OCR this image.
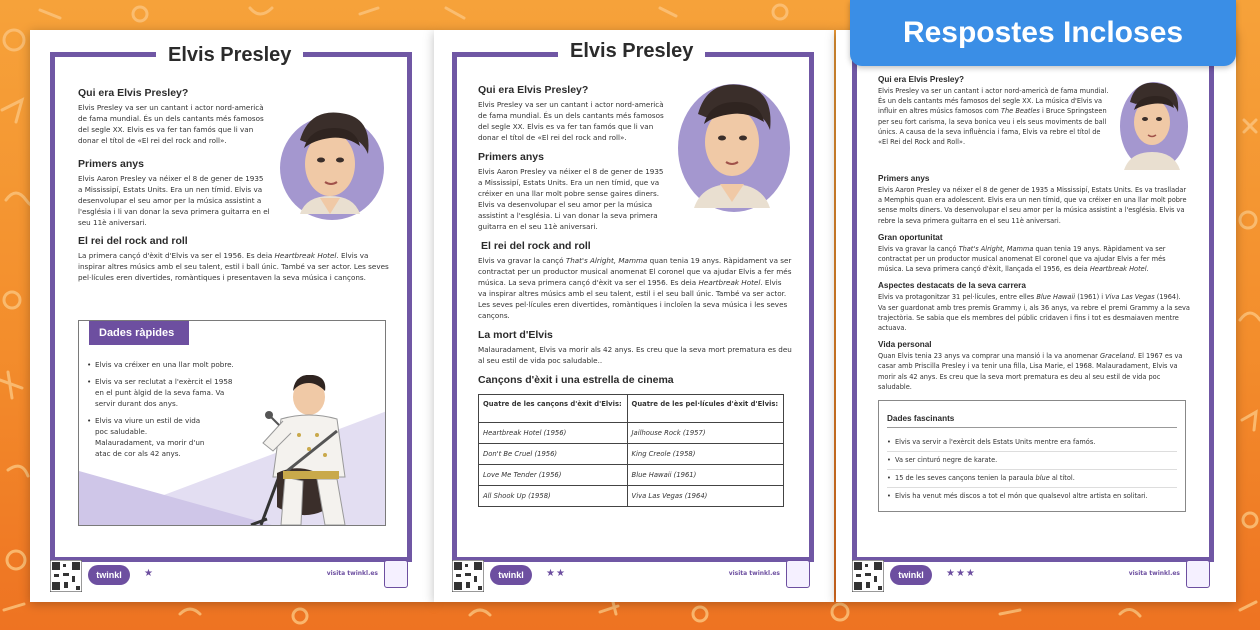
Elvis Presley
Qui era Elvis Presley?
Elvis Presley va ser un cantant i actor nord-americà de fama mundial. És un dels cantants més famosos del segle XX. Elvis es va fer tan famós que li van donar el títol de «El rei del rock and roll».
Primers anys
Elvis Aaron Presley va néixer el 8 de gener de 1935 a Mississipí, Estats Units. Era un nen tímid. Elvis va desenvolupar el seu amor per la música assistint a l'església i li van donar la seva primera guitarra en el seu 11è aniversari.
El rei del rock and roll
La primera cançó d'èxit d'Elvis va ser el 1956. Es deia Heartbreak Hotel. Elvis va inspirar altres músics amb el seu talent, estil i ball únic. També va ser actor. Les seves pel·lícules eren divertides, romàntiques i presentaven la seva música i cançons.
Dades ràpides
• Elvis va créixer en una llar molt pobre.
• Elvis va ser reclutat a l'exèrcit el 1958 en el punt àlgid de la seva fama. Va servir durant dos anys.
• Elvis va viure un estil de vida poc saludable. Malauradament, va morir d'un atac de cor als 42 anys.
twinkl	★	visita twinkl.es
Elvis Presley
Qui era Elvis Presley?
Elvis Presley va ser un cantant i actor nord-americà de fama mundial. És un dels cantants més famosos del segle XX. Elvis es va fer tan famós que li van donar el títol de «El rei del rock and roll».
Primers anys
Elvis Aaron Presley va néixer el 8 de gener de 1935 a Mississipí, Estats Units. Era un nen tímid, que va créixer en una llar molt pobre sense gaires diners. Elvis va desenvolupar el seu amor per la música assistint a l'església. Li van donar la seva primera guitarra en el seu 11è aniversari.
El rei del rock and roll
Elvis va gravar la cançó That's Alright, Mamma quan tenia 19 anys. Ràpidament va ser contractat per un productor musical anomenat El coronel que va ajudar Elvis a fer més música. La seva primera cançó d'èxit va ser el 1956. Es deia Heartbreak Hotel. Elvis va inspirar altres músics amb el seu talent, estil i el seu ball únic. També va ser actor. Les seves pel·lícules eren divertides, romàntiques i incloïen la seva música i les seves cançons.
La mort d'Elvis
Malauradament, Elvis va morir als 42 anys. Es creu que la seva mort prematura es deu al seu estil de vida poc saludable..
Cançons d'èxit i una estrella de cinema
Quatre de les cançons d'èxit d'Elvis:	Quatre de les pel·lícules d'èxit d'Elvis:
Heartbreak Hotel (1956)	Jailhouse Rock (1957)
Don't Be Cruel (1956)	King Creole (1958)
Love Me Tender (1956)	Blue Hawaii (1961)
All Shook Up (1958)	Viva Las Vegas (1964)
twinkl	★★	visita twinkl.es
Qui era Elvis Presley?
Elvis Presley va ser un cantant i actor nord-americà de fama mundial. És un dels cantants més famosos del segle XX. La música d'Elvis va influir en altres músics famosos com The Beatles i Bruce Springsteen per seu fort carisma, la seva bonica veu i els seus moviments de ball únics. A causa de la seva influència i fama, Elvis va rebre el títol de «El Rei del Rock and Roll».
Primers anys
Elvis Aaron Presley va néixer el 8 de gener de 1935 a Mississipí, Estats Units. Es va traslladar a Memphis quan era adolescent. Elvis era un nen tímid, que va créixer en una llar molt pobre sense molts diners. Va desenvolupar el seu amor per la música assistint a l'església. Elvis va rebre la seva primera guitarra en el seu 11è aniversari.
Gran oportunitat
Elvis va gravar la cançó That's Alright, Mamma quan tenia 19 anys. Ràpidament va ser contractat per un productor musical anomenat El coronel que va ajudar Elvis a fer més música. La seva primera cançó d'èxit, llançada el 1956, es deia Heartbreak Hotel.
Aspectes destacats de la seva carrera
Elvis va protagonitzar 31 pel·lícules, entre elles Blue Hawaii (1961) i Viva Las Vegas (1964). Va ser guardonat amb tres premis Grammy i, als 36 anys, va rebre el premi Grammy a la seva trajectòria. Se sabia que els membres del públic cridaven i fins i tot es desmaiaven mentre actuava.
Vida personal
Quan Elvis tenia 23 anys va comprar una mansió i la va anomenar Graceland. El 1967 es va casar amb Priscilla Presley i va tenir una filla, Lisa Marie, el 1968. Malauradament, Elvis va morir als 42 anys. Es creu que la seva mort prematura es deu al seu estil de vida poc saludable.
Dades fascinants
• Elvis va servir a l'exèrcit dels Estats Units mentre era famós.
• Va ser cinturó negre de karate.
• 15 de les seves cançons tenien la paraula blue al títol.
• Elvis ha venut més discos a tot el món que qualsevol altre artista en solitari.
twinkl	★★★	visita twinkl.es
Respostes Incloses
